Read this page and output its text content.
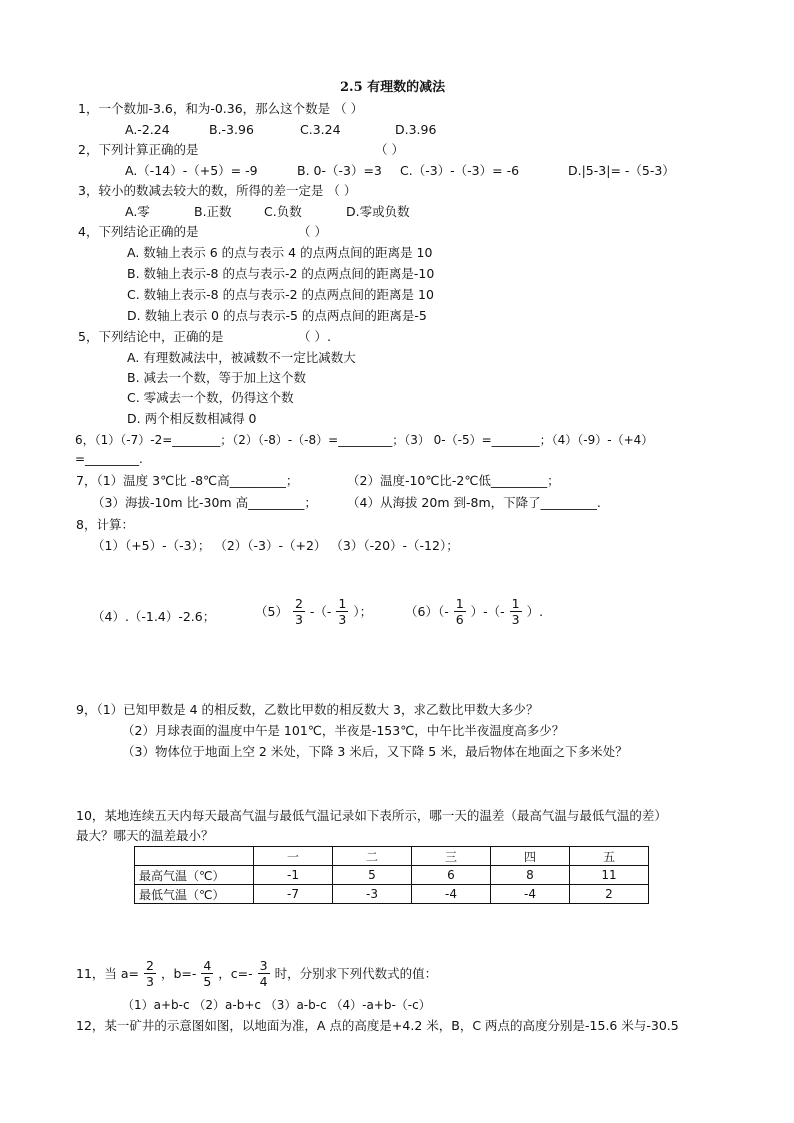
2.5 有理数的减法
1，一个数加-3.6，和为-0.36，那么这个数是 （ ）
A.-2.24	B.-3.96	C.3.24	D.3.96
2，下列计算正确的是	（ ）
A.（-14）-（+5）= -9	B. 0-（-3）=3 C.（-3）-（-3）= -6	D.|5-3|= -（5-3）
3，较小的数减去较大的数，所得的差一定是 （ ）
A.零	B.正数	C.负数	D.零或负数
4，下列结论正确的是	（ ）
A. 数轴上表示 6 的点与表示 4 的点两点间的距离是 10
B. 数轴上表示-8 的点与表示-2 的点两点间的距离是-10
C. 数轴上表示-8 的点与表示-2 的点两点间的距离是 10
D. 数轴上表示 0 的点与表示-5 的点两点间的距离是-5
5，下列结论中，正确的是	（ ）.
A. 有理数减法中，被减数不一定比减数大
B. 减去一个数，等于加上这个数
C. 零减去一个数，仍得这个数
D. 两个相反数相减得 0
6，（1）（-7）-2=________；（2）（-8）-（-8）=_________；（3） 0-（-5）=________；（4）（-9）-（+4）
=_________.
7，（1）温度 3℃比 -8℃高_________；	（2）温度-10℃比-2℃低_________；
（3）海拔-10m 比-30m 高_________； （4）从海拔 20m 到-8m，下降了_________.
8，计算：
（1）（+5）-（-3）； （2）（-3）-（+2） （3）（-20）-（-12）；
（4）.（-1.4）-2.6；	$(5) \frac{2}{3}$ -（- $\frac{1}{3}$ ）；	$(6)(- \frac{1}{6}$ ）-（- $\frac{1}{3}$ ）.
9，（1）已知甲数是 4 的相反数，乙数比甲数的相反数大 3，求乙数比甲数大多少？
（2）月球表面的温度中午是 101℃，半夜是-153℃，中午比半夜温度高多少？
（3）物体位于地面上空 2 米处，下降 3 米后，又下降 5 米，最后物体在地面之下多米处？
10，某地连续五天内每天最高气温与最低气温记录如下表所示，哪一天的温差（最高气温与最低气温的差）
最大？哪天的温差最小？
	一	二	三	四	五
最高气温（℃）	-1	5	6	8	11
最低气温（℃）	-7	-3	-4	-4	2
11，当 $a= \frac{2}{3}$ ，$b=- \frac{4}{5}$ ，$c=- \frac{3}{4}$ 时，分别求下列代数式的值：
（1）a+b-c （2）a-b+c （3）a-b-c （4）-a+b-（-c）
12，某一矿井的示意图如图，以地面为准，A 点的高度是+4.2 米，B，C 两点的高度分别是-15.6 米与-30.5
